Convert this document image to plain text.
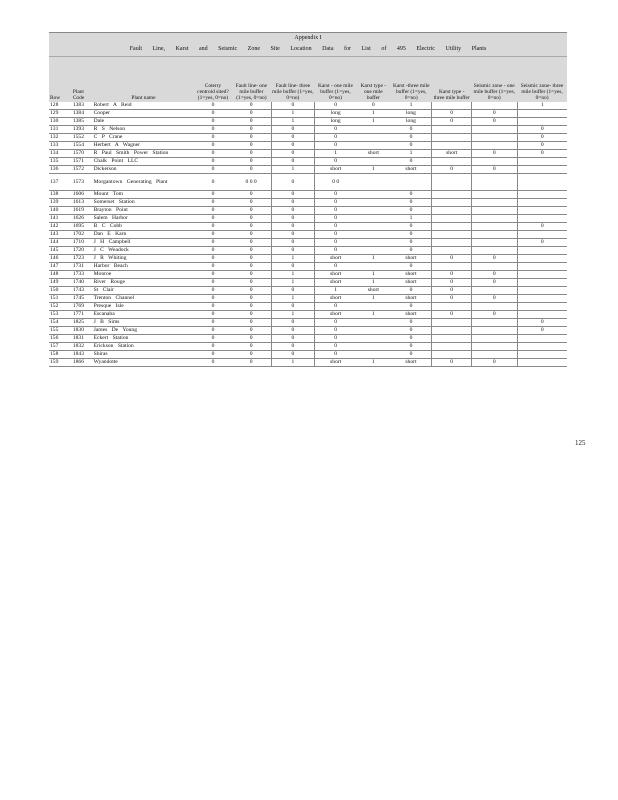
Appendix I
Fault Line, Karst and Seismic Zone Site Location Data for List of 495 Electric Utility Plants
Row	Plant Code	Plant name	Coterry centroid sited? (1=yes, 0=no)	Fault line- one mile buffer (1=yes, 0=no)	Fault line- three mile buffer (1=yes, 0=no)	Karst - one mile buffer (1=yes, 0=no)	Karst type - one mile buffer	Karst -three mile buffer (1=yes, 0=no)	Karst type - three mile buffer	Seismic zone - one mile buffer (1=yes, 0=no)	Seismic zone- three mile buffer (1=yes, 0=no)
128	1383	Robert A Reid	0	0	0	0	0	1			1
129	1384	Cooper	0	0	1	long	1	long	0	0	
130	1385	Dale	0	0	1	long	1	long	0	0	
131	1393	R S Nelson	0	0	0	0		0			0
132	1552	C P Crane	0	0	0	0		0			0
133	1554	Herbert A Wagner	0	0	0	0		0			0
134	1570	R Paul Smith Power Station	0	0	0	1	short	1	short	0	0
135	1571	Chalk Point LLC	0	0	0	0		0			
136	1572	Dickerson	0	0	1	short	1	short	0	0	
137	1573	Morgantown Generating Plant	0	0 0 0	0	0 0					
138	1606	Mount Tom	0	0	0	0		0			
139	1613	Somerset Station	0	0	0	0		0			
140	1619	Brayton Point	0	0	0	0		0			
141	1626	Salem Harbor	0	0	0	0		1			
142	1695	B C Cobb	0	0	0	0		0			0
143	1702	Dan E Karn	0	0	0	0		0			
144	1710	J H Campbell	0	0	0	0		0			0
145	1720	J C Weadock	0	0	0	0		0			
146	1723	J R Whiting	0	0	1	short	1	short	0	0	
147	1731	Harbor Beach	0	0	0	0		0			
148	1733	Monroe	0	0	1	short	1	short	0	0	
149	1740	River Rouge	0	0	1	short	1	short	0	0	
150	1743	St Clair	0	0	0	1	short	0	0		
151	1745	Trenton Channel	0	0	1	short	1	short	0	0	
152	1769	Presque Isle	0	0	0	0		0			
153	1771	Escanaba	0	0	1	short	1	short	0	0	
154	1825	J B Sims	0	0	0	0		0			0
155	1830	James De Young	0	0	0	0		0			0
156	1831	Eckert Station	0	0	0	0		0			
157	1832	Erickson Station	0	0	0	0		0			
158	1843	Shiras	0	0	0	0		0			
159	1866	Wyandotte	0	0	1	short	1	short	0	0	
125
